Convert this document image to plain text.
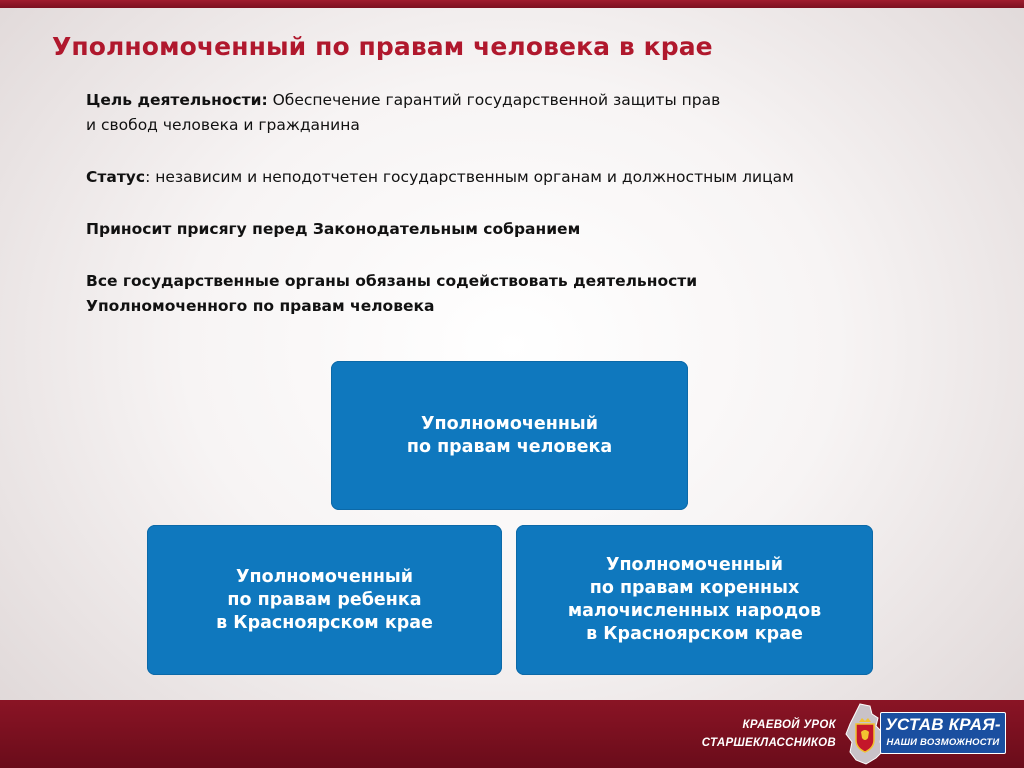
Уполномоченный по правам человека в крае

Цель деятельности: Обеспечение гарантий государственной защиты прав

и свобод человека и гражданина

Статус: независим и неподотчетен государственным органам и должностным лицам

Приносит присягу перед Законодательным собранием

Все государственные органы обязаны содействовать деятельности

Уполномоченного по правам человека

Уполномоченный
по правам человека
Уполномоченный
по правам ребенка
в Красноярском крае
Уполномоченный
по правам коренных
малочисленных народов
в Красноярском крае
КРАЕВОЙ УРОК
СТАРШЕКЛАССНИКОВ
УСТАВ КРАЯ-
НАШИ ВОЗМОЖНОСТИ
